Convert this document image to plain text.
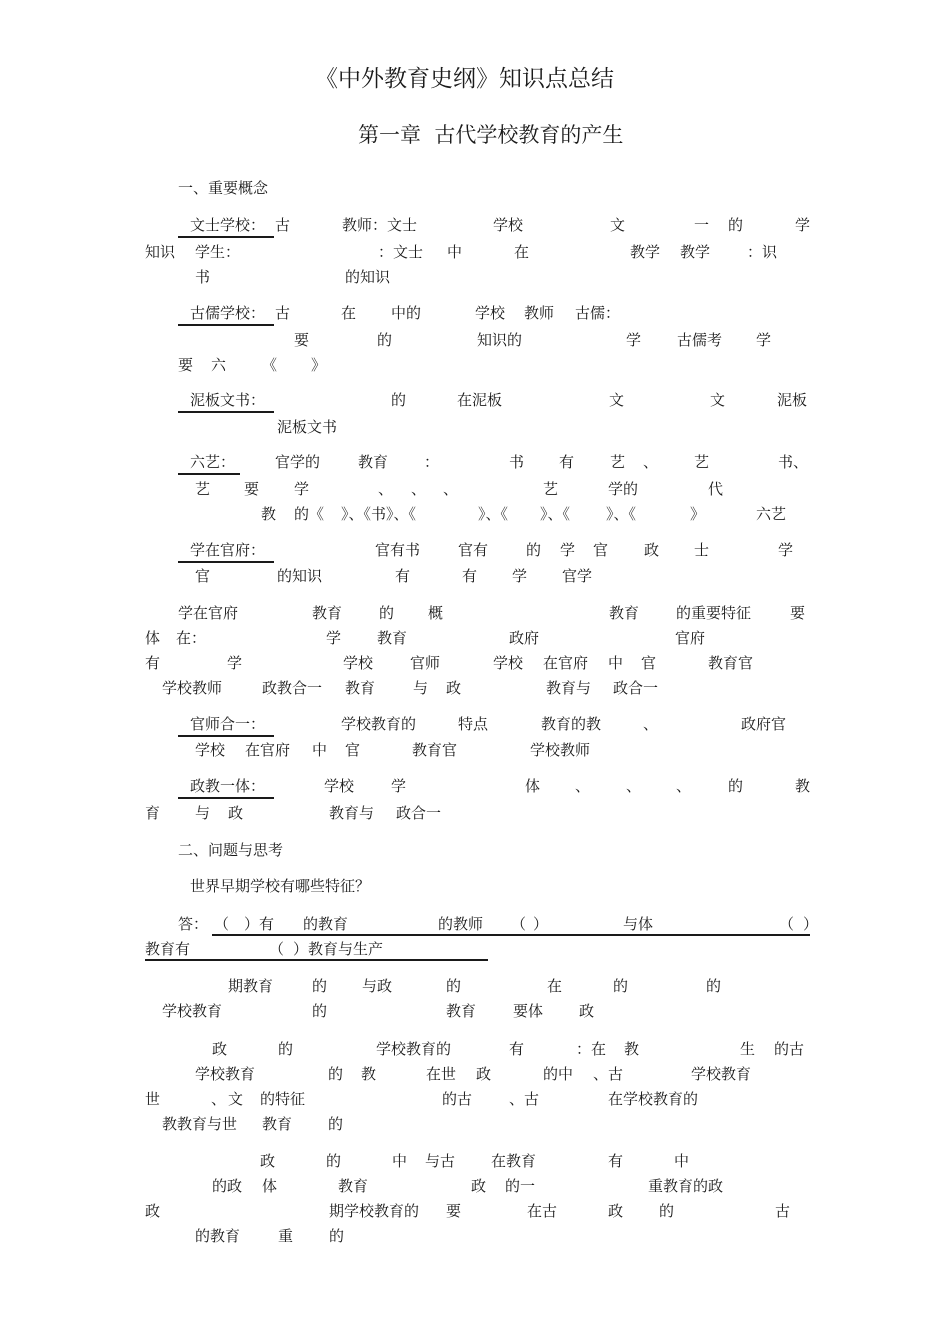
《中外教育史纲》知识点总结
第一章  古代学校教育的产生
一、重要概念
文士学校： 古	教师：文士	学校	文	一 的	学
知识 学生：	：文士 中	在	教学 教学 ：识
书	的知识
古儒学校： 古	在 中的	学校 教师 古儒：
要	的	知识的	学 古儒考 学
要 六 《 》
泥板文书：	的	在泥板	文	文	泥板
泥板文书
六艺：	官学的	教育 ：	书 有 艺 、 艺	书、
艺 要 学	、 、 、	艺	学的	代
教 的《 》、《书》、《	》、《 》、《 》、《	》	六艺
学在官府：	官有书	官有	的 学 官 政 士	学
官	的知识	有	有 学 官学
学在官府	教育 的 概	教育 的重要特征	要
体 在：	学 教育	政府	官府
有	学	学校 官师	学校 在官府 中 官	教育官
学校教师	政教合一 教育	与 政	教育与 政合一
官师合一：	学校教育的	特点	教育的教	、	政府官
学校 在官府 中 官	教育官	学校教师
政教一体：	学校 学	体 、 、 、 的	教
育 与 政	教育与 政合一
二、问题与思考
世界早期学校有哪些特征？
答： （ ）有 的教育	的教师 （ ）	与体	（ ）
教育有	（ ）教育与生产
期教育	的 与政	的	在	的	的
学校教育	的	教育 要体 政
政	的	学校教育的	有	：在 教	生 的古
学校教育	的 教	在世 政	的中 、古	学校教育
世	、 文 的特征	的古 、古	在学校教育的
教教育与世 教育 的
政	的	中 与古 在教育	有	中
的政 体	教育	政 的一	重教育的政
政	期学校教育的 要	在古	政 的	古
的教育	重 的
